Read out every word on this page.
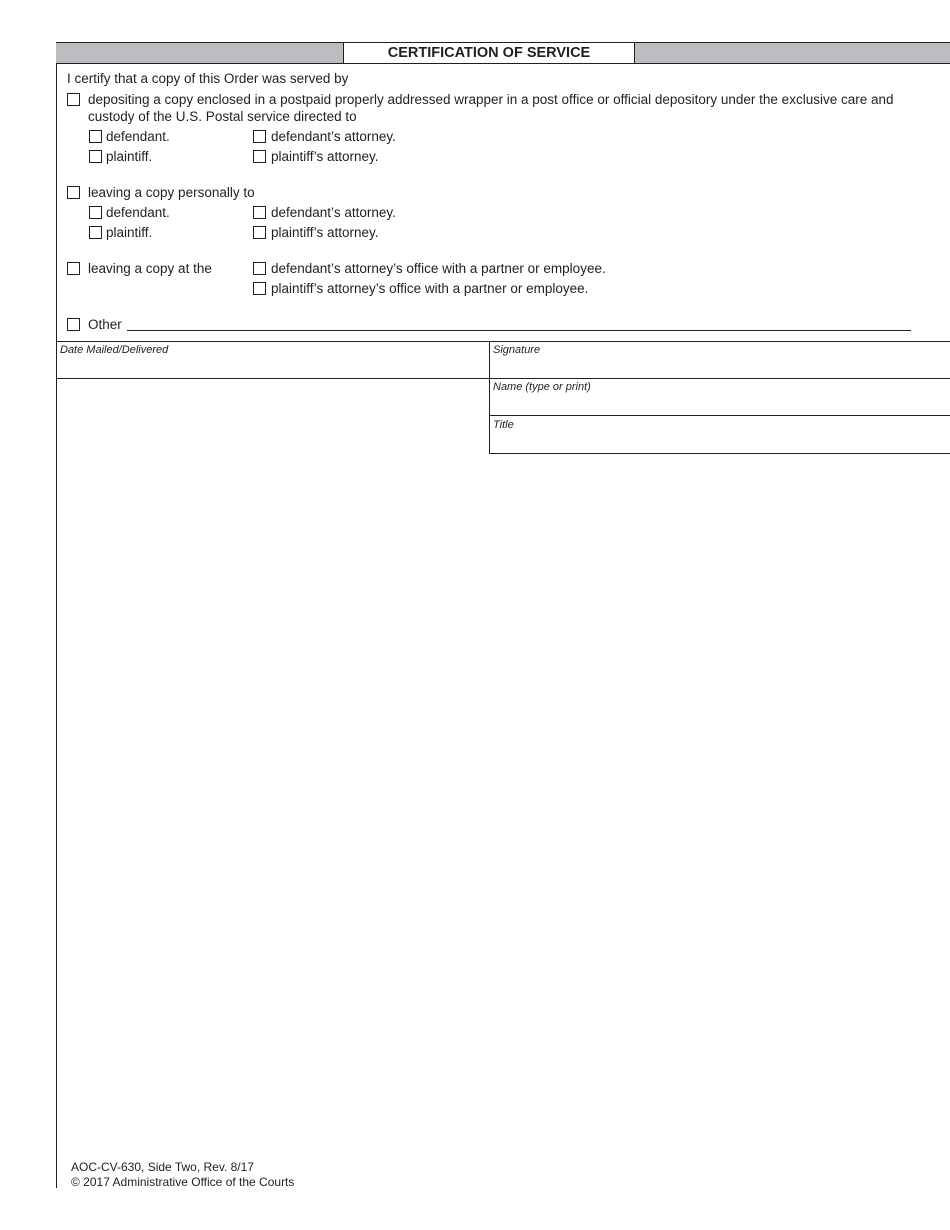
CERTIFICATION OF SERVICE
I certify that a copy of this Order was served by
depositing a copy enclosed in a postpaid properly addressed wrapper in a post office or official depository under the exclusive care and custody of the U.S. Postal service directed to
defendant.	defendant’s attorney.
plaintiff.	plaintiff’s attorney.
leaving a copy personally to
defendant.	defendant’s attorney.
plaintiff.	plaintiff’s attorney.
leaving a copy at the	defendant’s attorney’s office with a partner or employee.
plaintiff’s attorney’s office with a partner or employee.
Other
Date Mailed/Delivered	Signature
Name (type or print)
Title
AOC-CV-630, Side Two, Rev. 8/17
© 2017 Administrative Office of the Courts
